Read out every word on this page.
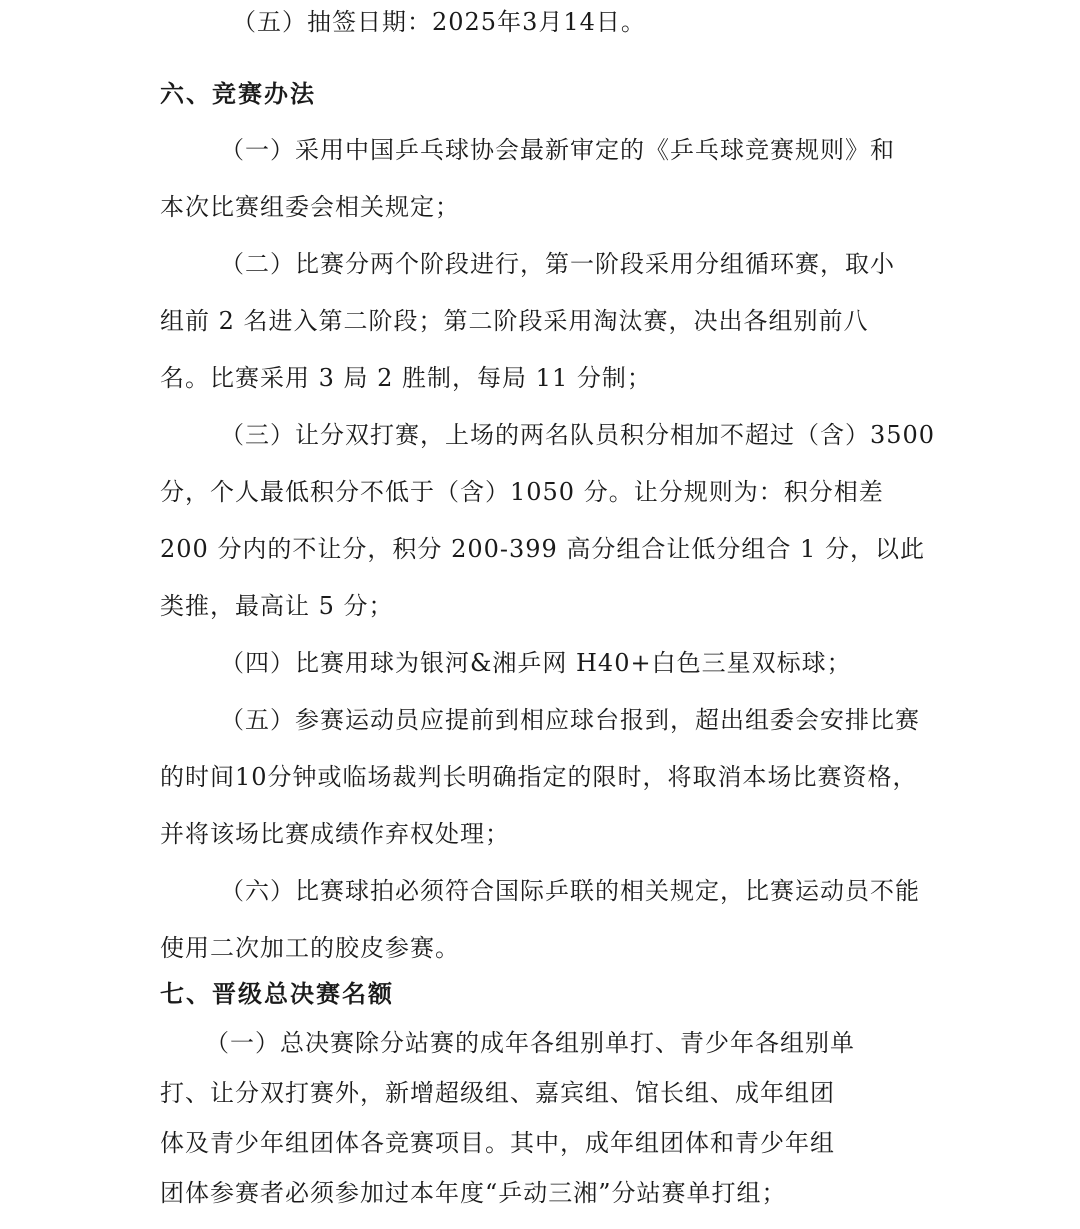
（五）抽签日期：2025年3月14日。
六、竞赛办法
（一）采用中国乒乓球协会最新审定的《乒乓球竞赛规则》和
本次比赛组委会相关规定；
（二）比赛分两个阶段进行，第一阶段采用分组循环赛，取小
组前 2 名进入第二阶段；第二阶段采用淘汰赛，决出各组别前八
名。比赛采用 3 局 2 胜制，每局 11 分制；
（三）让分双打赛，上场的两名队员积分相加不超过（含）3500
分，个人最低积分不低于（含）1050 分。让分规则为：积分相差
200 分内的不让分，积分 200-399 高分组合让低分组合 1 分，以此
类推，最高让 5 分；
（四）比赛用球为银河&湘乒网 H40+白色三星双标球；
（五）参赛运动员应提前到相应球台报到，超出组委会安排比赛
的时间10分钟或临场裁判长明确指定的限时，将取消本场比赛资格，
并将该场比赛成绩作弃权处理；
（六）比赛球拍必须符合国际乒联的相关规定，比赛运动员不能
使用二次加工的胶皮参赛。
七、晋级总决赛名额
（一）总决赛除分站赛的成年各组别单打、青少年各组别单
打、让分双打赛外，新增超级组、嘉宾组、馆长组、成年组团
体及青少年组团体各竞赛项目。其中，成年组团体和青少年组
团体参赛者必须参加过本年度“乒动三湘”分站赛单打组；
